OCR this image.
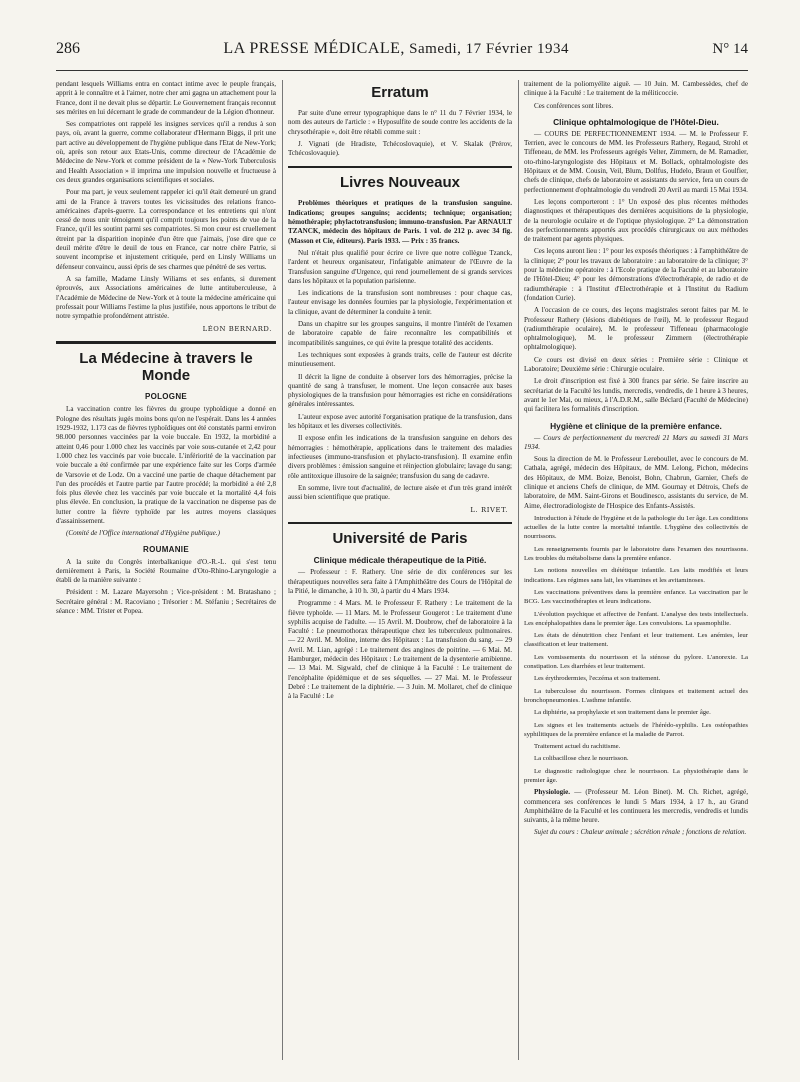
286	LA PRESSE MÉDICALE, Samedi, 17 Février 1934	N° 14

pendant lesquels Williams entra en contact intime avec le peuple français, apprit à le connaître et à l'aimer, notre cher ami gagna un attachement pour la France, dont il ne devait plus se départir. Le Gouvernement français reconnut ses mérites en lui décernant le grade de commandeur de la Légion d'honneur.

Ses compatriotes ont rappelé les insignes services qu'il a rendus à son pays, où, avant la guerre, comme collaborateur d'Hermann Biggs, il prit une part active au développement de l'hygiène publique dans l'Etat de New-York; où, après son retour aux Etats-Unis, comme directeur de l'Académie de Médecine de New-York et comme président de la « New-York Tuberculosis and Health Association » il imprima une impulsion nouvelle et fructueuse à ces deux grandes organisations scientifiques et sociales.

Pour ma part, je veux seulement rappeler ici qu'il était demeuré un grand ami de la France à travers toutes les vicissitudes des relations franco-américaines d'après-guerre. La correspondance et les entretiens qui n'ont cessé de nous unir témoignent qu'il comprit toujours les points de vue de la France, qu'il les soutint parmi ses compatriotes. Si mon cœur est cruellement étreint par la disparition inopinée d'un être que j'aimais, j'ose dire que ce deuil mérite d'être le deuil de tous en France, car notre chère Patrie, si souvent incomprise et injustement critiquée, perd en Linsly Williams un défenseur convaincu, aussi épris de ses charmes que pénétré de ses vertus.

A sa famille, Madame Linsly Wiliams et ses enfants, si durement éprouvés, aux Associations américaines de lutte antituberculeuse, à l'Académie de Médecine de New-York et à toute la médecine américaine qui professait pour Williams l'estime la plus justifiée, nous apportons le tribut de notre sympathie profondément attristée.

LÉON BERNARD.
La Médecine à travers le Monde
POLOGNE

La vaccination contre les fièvres du groupe typhoïdique a donné en Pologne des résultats jugés moins bons qu'on ne l'espérait. Dans les 4 années 1929-1932, 1.173 cas de fièvres typhoïdiques ont été constatés parmi environ 98.000 personnes vaccinées par la voie buccale. En 1932, la morbidité a atteint 0,46 pour 1.000 chez les vaccinés par voie sous-cutanée et 2,42 pour 1.000 chez les vaccinés par voie buccale. L'infériorité de la vaccination par voie buccale a été confirmée par une expérience faite sur les Corps d'armée de Varsovie et de Lodz. On a vacciné une partie de chaque détachement par l'un des procédés et l'autre partie par l'autre procédé; la morbidité a été 2,8 fois plus élevée chez les vaccinés par voie buccale et la mortalité 4,4 fois plus élevée. En conclusion, la pratique de la vaccination ne dispense pas de lutter contre la fièvre typhoïde par les autres moyens classiques d'assainissement.

(Comité de l'Office international d'Hygiène publique.)

ROUMANIE

A la suite du Congrès interbalkanique d'O.-R.-L. qui s'est tenu dernièrement à Paris, la Société Roumaine d'Oto-Rhino-Laryngologie a établi de la manière suivante :

Président : M. Lazare Mayersohn ; Vice-président : M. Bratashano ; Secrétaire général : M. Racoviano ; Trésorier : M. Stéfaniu ; Secrétaires de séance : MM. Trister et Popea.

Erratum

Par suite d'une erreur typographique dans le n° 11 du 7 Février 1934, le nom des auteurs de l'article : « Hyposulfite de soude contre les accidents de la chrysothérapie », doit être rétabli comme suit :

J. Vignati (de Hradiste, Tchécoslovaquie), et V. Skalak (Prérov, Tchécoslovaquie).

Livres Nouveaux

Problèmes théoriques et pratiques de la transfusion sanguine. Indications; groupes sanguins; accidents; technique; organisation; hémothérapie; phylactotransfusion; immuno-transfusion. Par ARNAULT TZANCK, médecin des hôpitaux de Paris. 1 vol. de 212 p. avec 34 fig. (Masson et Cie, éditeurs). Paris 1933. — Prix : 35 francs.

Nul n'était plus qualifié pour écrire ce livre que notre collègue Tzanck, l'ardent et heureux organisateur, l'infatigable animateur de l'Œuvre de la Transfusion sanguine d'Urgence, qui rend journellement de si grands services dans les hôpitaux et la population parisienne.

Les indications de la transfusion sont nombreuses : pour chaque cas, l'auteur envisage les données fournies par la physiologie, l'expérimentation et la clinique, avant de déterminer la conduite à tenir.

Dans un chapitre sur les groupes sanguins, il montre l'intérêt de l'examen de laboratoire capable de faire reconnaître les compatibilités et incompatibilités sanguines, ce qui évite la presque totalité des accidents.

Les techniques sont exposées à grands traits, celle de l'auteur est décrite minutieusement.

Il décrit la ligne de conduite à observer lors des hémorragies, précise la quantité de sang à transfuser, le moment. Une leçon consacrée aux bases physiologiques de la transfusion pour hémorragies est riche en considérations générales intéressantes.

L'auteur expose avec autorité l'organisation pratique de la transfusion, dans les hôpitaux et les diverses collectivités.

Il expose enfin les indications de la transfusion sanguine en dehors des hémorragies : hémothérapie, applications dans le traitement des maladies infectieuses (immuno-transfusion et phylacto-transfusion). Il examine enfin divers problèmes : émission sanguine et réinjection globulaire; lavage du sang; rôle antitoxique illusoire de la saignée; transfusion du sang de cadavre.

En somme, livre tout d'actualité, de lecture aisée et d'un très grand intérêt aussi bien scientifique que pratique.

L. RIVET.
Université de Paris
Clinique médicale thérapeutique de la Pitié.

— Professeur : F. Rathery. Une série de dix conférences sur les thérapeutiques nouvelles sera faite à l'Amphithéâtre des Cours de l'Hôpital de la Pitié, le dimanche, à 10 h. 30, à partir du 4 Mars 1934.

Programme : 4 Mars. M. le Professeur F. Rathery : Le traitement de la fièvre typhoïde. — 11 Mars. M. le Professeur Gougerot : Le traitement d'une syphilis acquise de l'adulte. — 15 Avril. M. Doubrow, chef de laboratoire à la Faculté : Le pneumothorax thérapeutique chez les tuberculeux pulmonaires. — 22 Avril. M. Moline, interne des Hôpitaux : La transfusion du sang. — 29 Avril. M. Lian, agrégé : Le traitement des angines de poitrine. — 6 Mai. M. Hamburger, médecin des Hôpitaux : Le traitement de la dysenterie amibienne. — 13 Mai. M. Sigwald, chef de clinique à la Faculté : Le traitement de l'encéphalite épidémique et de ses séquelles. — 27 Mai. M. le Professeur Debré : Le traitement de la diphtérie. — 3 Juin. M. Mollaret, chef de clinique à la Faculté : Le

traitement de la poliomyélite aiguë. — 10 Juin. M. Cambessèdes, chef de clinique à la Faculté : Le traitement de la méliticoccie.

Ces conférences sont libres.

Clinique ophtalmologique de l'Hôtel-Dieu.

— COURS DE PERFECTIONNEMENT 1934. — M. le Professeur F. Terrien, avec le concours de MM. les Professeurs Rathery, Regaud, Strohl et Tiffeneau, de MM. les Professeurs agrégés Velter, Zimmern, de M. Ramadier, oto-rhino-laryngologiste des Hôpitaux et M. Bollack, ophtalmologiste des Hôpitaux et de MM. Cousin, Veil, Blum, Dollfus, Hudelo, Braun et Goulfier, chefs de clinique, chefs de laboratoire et assistants du service, fera un cours de perfectionnement d'ophtalmologie du vendredi 20 Avril au mardi 15 Mai 1934.

Les leçons comporteront : 1° Un exposé des plus récentes méthodes diagnostiques et thérapeutiques des dernières acquisitions de la physiologie, de la neurologie oculaire et de l'optique physiologique. 2° La démonstration des perfectionnements apportés aux procédés chirurgicaux ou aux méthodes de traitement par agents physiques.

Ces leçons auront lieu : 1° pour les exposés théoriques : à l'amphithéâtre de la clinique; 2° pour les travaux de laboratoire : au laboratoire de la clinique; 3° pour la médecine opératoire : à l'Ecole pratique de la Faculté et au laboratoire de l'Hôtel-Dieu; 4° pour les démonstrations d'électrothérapie, de radio et de radiumthérapie : à l'Institut d'Electrothérapie et à l'Institut du Radium (fondation Curie).

A l'occasion de ce cours, des leçons magistrales seront faites par M. le Professeur Rathery (lésions diabétiques de l'œil), M. le professeur Regaud (radiumthérapie oculaire), M. le professeur Tiffeneau (pharmacologie ophtalmologique), M. le professeur Zimmern (électrothérapie ophtalmologique).

Ce cours est divisé en deux séries : Première série : Clinique et Laboratoire; Deuxième série : Chirurgie oculaire.

Le droit d'inscription est fixé à 300 francs par série. Se faire inscrire au secrétariat de la Faculté les lundis, mercredis, vendredis, de 1 heure à 3 heures, avant le 1er Mai, ou mieux, à l'A.D.R.M., salle Béclard (Faculté de Médecine) qui facilitera les formalités d'inscription.

Hygiène et clinique de la première enfance.

— Cours de perfectionnement du mercredi 21 Mars au samedi 31 Mars 1934.

Sous la direction de M. le Professeur Lereboullet, avec le concours de M. Cathala, agrégé, médecin des Hôpitaux, de MM. Lelong, Pichon, médecins des Hôpitaux, de MM. Boize, Benoist, Bohn, Chabrun, Garnier, Chefs de clinique et anciens Chefs de clinique, de MM. Gournay et Détrois, Chefs de laboratoire, de MM. Saint-Girons et Boudinesco, assistants du service, de M. Aime, électroradiologiste de l'Hospice des Enfants-Assistés.

Introduction à l'étude de l'hygiène et de la pathologie du 1er âge. Les conditions actuelles de la lutte contre la mortalité infantile. L'hygiène des collectivités de nourrissons.

Les renseignements fournis par le laboratoire dans l'examen des nourrissons. Les troubles du métabolisme dans la première enfance.

Les notions nouvelles en diététique infantile. Les laits modifiés et leurs indications. Les régimes sans lait, les vitamines et les avitaminoses.

Les vaccinations préventives dans la première enfance. La vaccination par le BCG. Les vaccinothérapies et leurs indications.

L'évolution psychique et affective de l'enfant. L'analyse des tests intellectuels. Les encéphalopathies dans le premier âge. Les convulsions. La spasmophilie.

Les états de dénutrition chez l'enfant et leur traitement. Les anémies, leur classification et leur traitement.

Les vomissements du nourrisson et la sténose du pylore. L'anorexie. La constipation. Les diarrhées et leur traitement.

Les érythrodermies, l'eczéma et son traitement.

La tuberculose du nourrisson. Formes cliniques et traitement actuel des bronchopneumonies. L'asthme infantile.

La diphtérie, sa prophylaxie et son traitement dans le premier âge.

Les signes et les traitements actuels de l'hérédo-syphilis. Les ostéopathies syphilitiques de la première enfance et la maladie de Parrot.

Traitement actuel du rachitisme.

La colibacillose chez le nourrisson.

Le diagnostic radiologique chez le nourrisson. La physiothérapie dans le premier âge.

Physiologie. — (Professeur M. Léon Binet). M. Ch. Richet, agrégé, commencera ses conférences le lundi 5 Mars 1934, à 17 h., au Grand Amphithéâtre de la Faculté et les continuera les mercredis, vendredis et lundis suivants, à la même heure.

Sujet du cours : Chaleur animale ; sécrétion rénale ; fonctions de relation.
